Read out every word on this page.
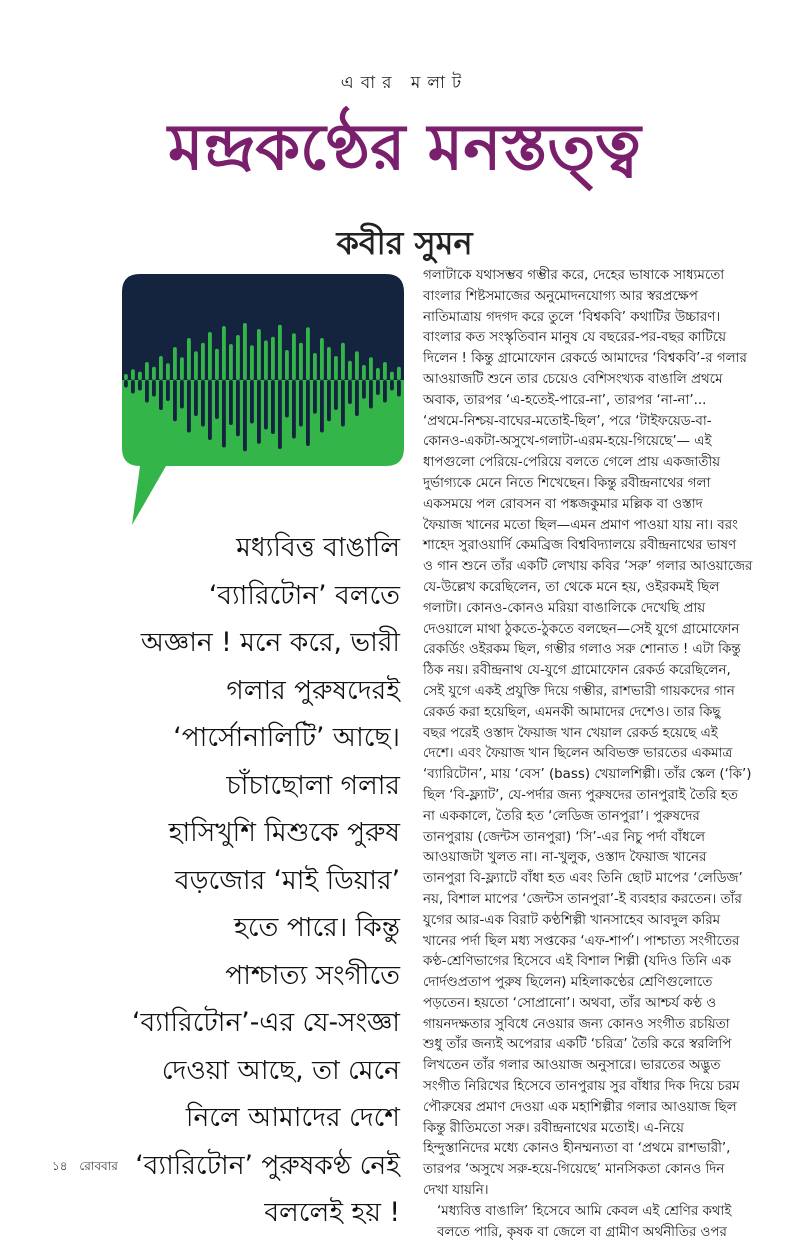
এবার মলাট
মন্দ্রকণ্ঠের মনস্তত্ত্ব
কবীর সুমন
মধ্যবিত্ত বাঙালি
‘ব্যারিটোন’ বলতে
অজ্ঞান ! মনে করে, ভারী
গলার পুরুষদেরই
‘পার্সোনালিটি’ আছে।
চাঁচাছোলা গলার
হাসিখুশি মিশুকে পুরুষ
বড়জোর ‘মাই ডিয়ার’
হতে পারে। কিন্তু
পাশ্চাত্য সংগীতে
‘ব্যারিটোন’-এর যে-সংজ্ঞা
দেওয়া আছে, তা মেনে
নিলে আমাদের দেশে
‘ব্যারিটোন’ পুরুষকণ্ঠ নেই
বললেই হয় !
গলাটাকে যথাসম্ভব গম্ভীর করে, দেহের ভাষাকে সাধ্যমতো
বাংলার শিষ্টসমাজের অনুমোদনযোগ্য আর স্বরপ্রক্ষেপ
নাতিমাত্রায় গদগদ করে তুলে ‘বিশ্বকবি’ কথাটির উচ্চারণ।
বাংলার কত সংস্কৃতিবান মানুষ যে বছরের-পর-বছর কাটিয়ে
দিলেন ! কিন্তু গ্রামোফোন রেকর্ডে আমাদের ‘বিশ্বকবি’-র গলার
আওয়াজটি শুনে তার চেয়েও বেশিসংখ্যক বাঙালি প্রথমে
অবাক, তারপর ‘এ-হতেই-পারে-না’, তারপর ‘না-না’...
‘প্রথমে-নিশ্চয়-বাঘের-মতোই-ছিল’, পরে ‘টাইফয়েড-বা-
কোনও-একটা-অসুখে-গলাটা-এরম-হয়ে-গিয়েছে’— এই
ধাপগুলো পেরিয়ে-পেরিয়ে বলতে গেলে প্রায় একজাতীয়
দুর্ভাগ্যকে মেনে নিতে শিখেছেন। কিন্তু রবীন্দ্রনাথের গলা
একসময়ে পল রোবসন বা পঙ্কজকুমার মল্লিক বা ওস্তাদ
ফৈয়াজ খানের মতো ছিল—এমন প্রমাণ পাওয়া যায় না। বরং
শাহেদ সুরাওয়ার্দি কেমব্রিজ বিশ্ববিদ্যালয়ে রবীন্দ্রনাথের ভাষণ
ও গান শুনে তাঁর একটি লেখায় কবির ‘সরু’ গলার আওয়াজের
যে-উল্লেখ করেছিলেন, তা থেকে মনে হয়, ওইরকমই ছিল
গলাটা। কোনও-কোনও মরিয়া বাঙালিকে দেখেছি প্রায়
দেওয়ালে মাথা ঠুকতে-ঠুকতে বলছেন—সেই যুগে গ্রামোফোন
রেকর্ডিং ওইরকম ছিল, গম্ভীর গলাও সরু শোনাত ! এটা কিন্তু
ঠিক নয়। রবীন্দ্রনাথ যে-যুগে গ্রামোফোন রেকর্ড করেছিলেন,
সেই যুগে একই প্রযুক্তি দিয়ে গম্ভীর, রাশভারী গায়কদের গান
রেকর্ড করা হয়েছিল, এমনকী আমাদের দেশেও। তার কিছু
বছর পরেই ওস্তাদ ফৈয়াজ খান খেয়াল রেকর্ড হয়েছে এই
দেশে। এবং ফৈয়াজ খান ছিলেন অবিভক্ত ভারতের একমাত্র
‘ব্যারিটোন’, মায় ‘বেস’ (bass) খেয়ালশিল্পী। তাঁর স্কেল (‘কি’)
ছিল ‘বি-ফ্ল্যাট’, যে-পর্দার জন্য পুরুষদের তানপুরাই তৈরি হত
না এককালে, তৈরি হত ‘লেডিজ তানপুরা’। পুরুষদের
তানপুরায় (জেন্টস তানপুরা) ‘সি’-এর নিচু পর্দা বাঁধলে
আওয়াজটা খুলত না। না-খুলুক, ওস্তাদ ফৈয়াজ খানের
তানপুরা বি-ফ্ল্যাটে বাঁধা হত এবং তিনি ছোট মাপের ‘লেডিজ’
নয়, বিশাল মাপের ‘জেন্টস তানপুরা’-ই ব্যবহার করতেন। তাঁর
যুগের আর-এক বিরাট কণ্ঠশিল্পী খানসাহেব আবদুল করিম
খানের পর্দা ছিল মধ্য সপ্তকের ‘এফ-শার্প’। পাশ্চাত্য সংগীতের
কণ্ঠ-শ্রেণিভাগের হিসেবে এই বিশাল শিল্পী (যদিও তিনি এক
দোর্দণ্ডপ্রতাপ পুরুষ ছিলেন) মহিলাকণ্ঠের শ্রেণিগুলোতে
পড়তেন। হয়তো ‘সোপ্রানো’। অথবা, তাঁর আশ্চর্য কণ্ঠ ও
গায়নদক্ষতার সুবিধে নেওয়ার জন্য কোনও সংগীত রচয়িতা
শুধু তাঁর জন্যই অপেরার একটি ‘চরিত্র’ তৈরি করে স্বরলিপি
লিখতেন তাঁর গলার আওয়াজ অনুসারে। ভারতের অদ্ভুত
সংগীত নিরিখের হিসেবে তানপুরায় সুর বাঁধার দিক দিয়ে চরম
পৌরুষের প্রমাণ দেওয়া এক মহাশিল্পীর গলার আওয়াজ ছিল
কিন্তু রীতিমতো সরু। রবীন্দ্রনাথের মতোই। এ-নিয়ে
হিন্দুস্তানিদের মধ্যে কোনও হীনম্মন্যতা বা ‘প্রথমে রাশভারী’,
তারপর ‘অসুখে সরু-হয়ে-গিয়েছে’ মানসিকতা কোনও দিন
দেখা যায়নি।
‘মধ্যবিত্ত বাঙালি’ হিসেবে আমি কেবল এই শ্রেণির কথাই
বলতে পারি, কৃষক বা জেলে বা গ্রামীণ অর্থনীতির ওপর
১৪ রোববার
